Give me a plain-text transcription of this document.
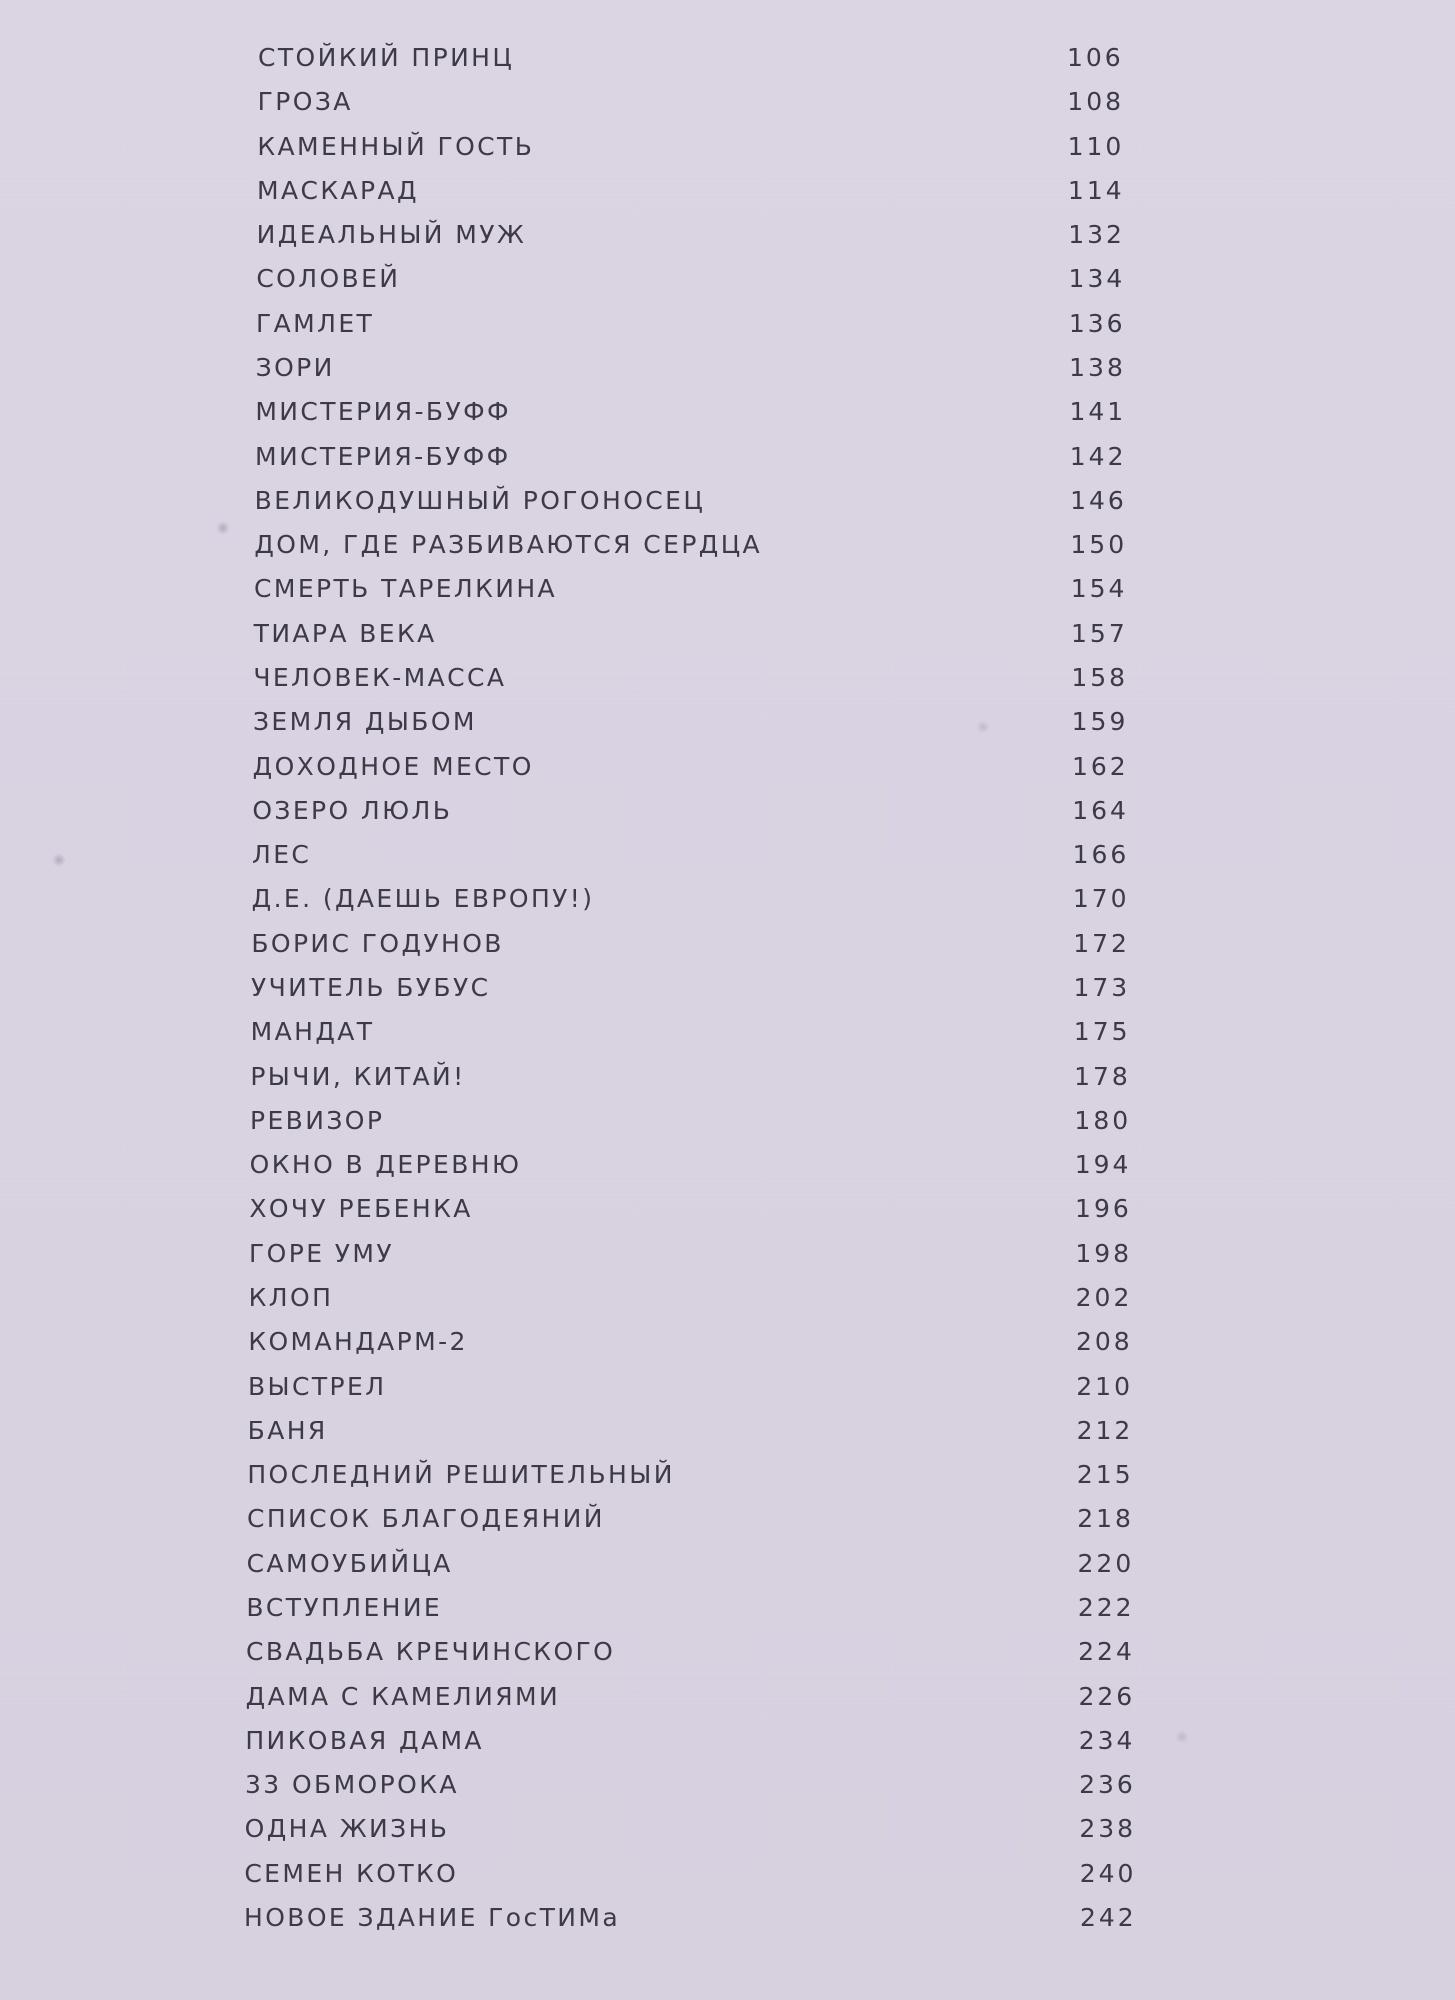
СТОЙКИЙ ПРИНЦ	106
ГРОЗА	108
КАМЕННЫЙ ГОСТЬ	110
МАСКАРАД	114
ИДЕАЛЬНЫЙ МУЖ	132
СОЛОВЕЙ	134
ГАМЛЕТ	136
ЗОРИ	138
МИСТЕРИЯ-БУФФ	141
МИСТЕРИЯ-БУФФ	142
ВЕЛИКОДУШНЫЙ РОГОНОСЕЦ	146
ДОМ, ГДЕ РАЗБИВАЮТСЯ СЕРДЦА	150
СМЕРТЬ ТАРЕЛКИНА	154
ТИАРА ВЕКА	157
ЧЕЛОВЕК-МАССА	158
ЗЕМЛЯ ДЫБОМ	159
ДОХОДНОЕ МЕСТО	162
ОЗЕРО ЛЮЛЬ	164
ЛЕС	166
Д.Е. (ДАЕШЬ ЕВРОПУ!)	170
БОРИС ГОДУНОВ	172
УЧИТЕЛЬ БУБУС	173
МАНДАТ	175
РЫЧИ, КИТАЙ!	178
РЕВИЗОР	180
ОКНО В ДЕРЕВНЮ	194
ХОЧУ РЕБЕНКА	196
ГОРЕ УМУ	198
КЛОП	202
КОМАНДАРМ-2	208
ВЫСТРЕЛ	210
БАНЯ	212
ПОСЛЕДНИЙ РЕШИТЕЛЬНЫЙ	215
СПИСОК БЛАГОДЕЯНИЙ	218
САМОУБИЙЦА	220
ВСТУПЛЕНИЕ	222
СВАДЬБА КРЕЧИНСКОГО	224
ДАМА С КАМЕЛИЯМИ	226
ПИКОВАЯ ДАМА	234
33 ОБМОРОКА	236
ОДНА ЖИЗНЬ	238
СЕМЕН КОТКО	240
НОВОЕ ЗДАНИЕ ГосТИМа	242
